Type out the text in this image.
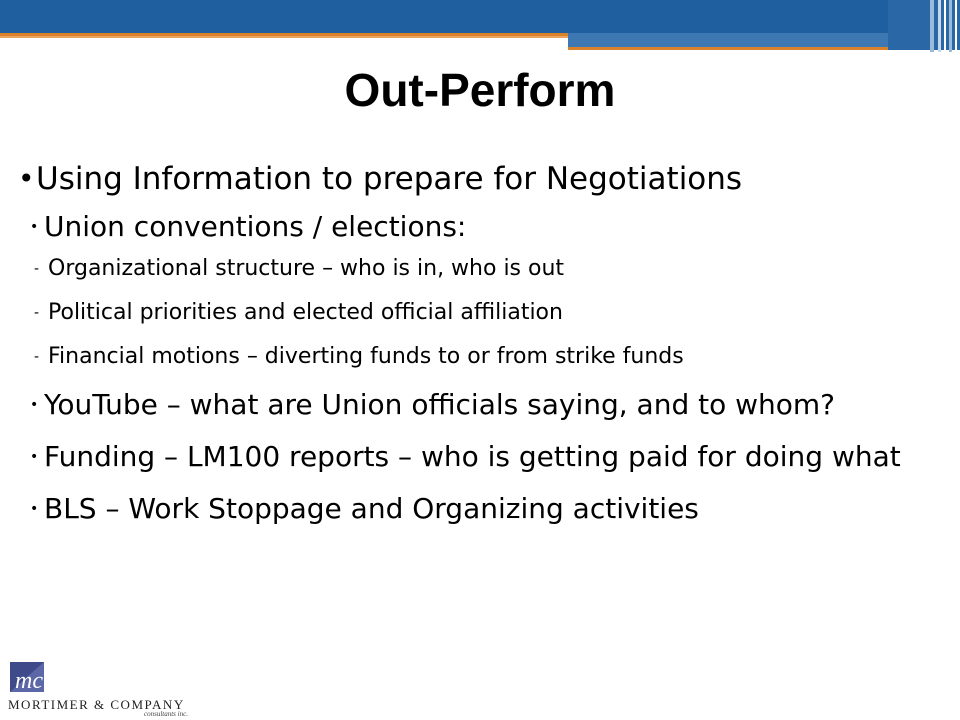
Out-Perform
• Using Information to prepare for Negotiations
• Union conventions / elections:
- Organizational structure – who is in, who is out
- Political priorities and elected official affiliation
- Financial motions – diverting funds to or from strike funds
• YouTube – what are Union officials saying, and to whom?
• Funding – LM100 reports – who is getting paid for doing what
• BLS – Work Stoppage and Organizing activities
mc
MORTIMER & COMPANY
consultants inc.
